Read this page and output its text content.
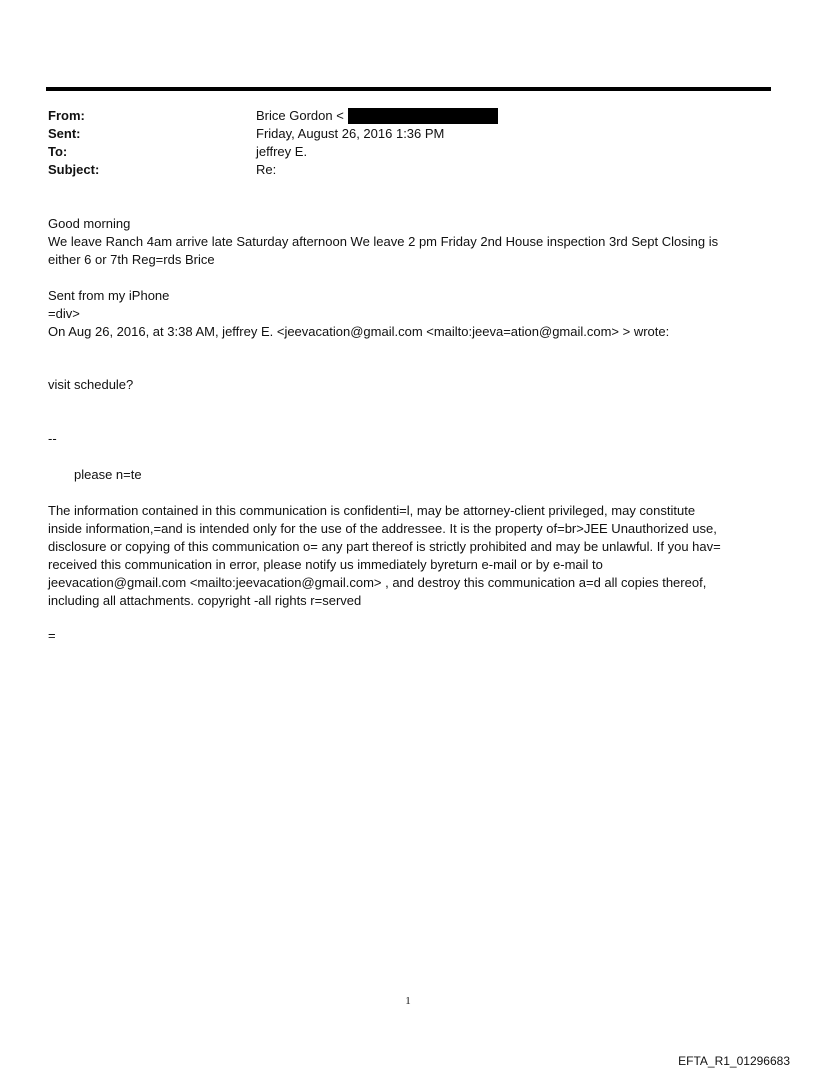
From:	Brice Gordon <
Sent:	Friday, August 26, 2016 1:36 PM
To:	jeffrey E.
Subject:	Re:
Good morning
We leave Ranch 4am arrive late Saturday afternoon We leave 2 pm Friday 2nd House inspection 3rd Sept Closing is
either 6 or 7th Reg=rds Brice
Sent from my iPhone
=div>
On Aug 26, 2016, at 3:38 AM, jeffrey E. <jeevacation@gmail.com <mailto:jeeva=ation@gmail.com> > wrote:
visit schedule?
--
please n=te
The information contained in this communication is confidenti=l, may be attorney-client privileged, may constitute
inside information,=and is intended only for the use of the addressee. It is the property of=br>JEE Unauthorized use,
disclosure or copying of this communication o= any part thereof is strictly prohibited and may be unlawful. If you hav=
received this communication in error, please notify us immediately byreturn e-mail or by e-mail to
jeevacation@gmail.com <mailto:jeevacation@gmail.com> , and destroy this communication a=d all copies thereof,
including all attachments. copyright -all rights r=served
=
1
EFTA_R1_01296683
